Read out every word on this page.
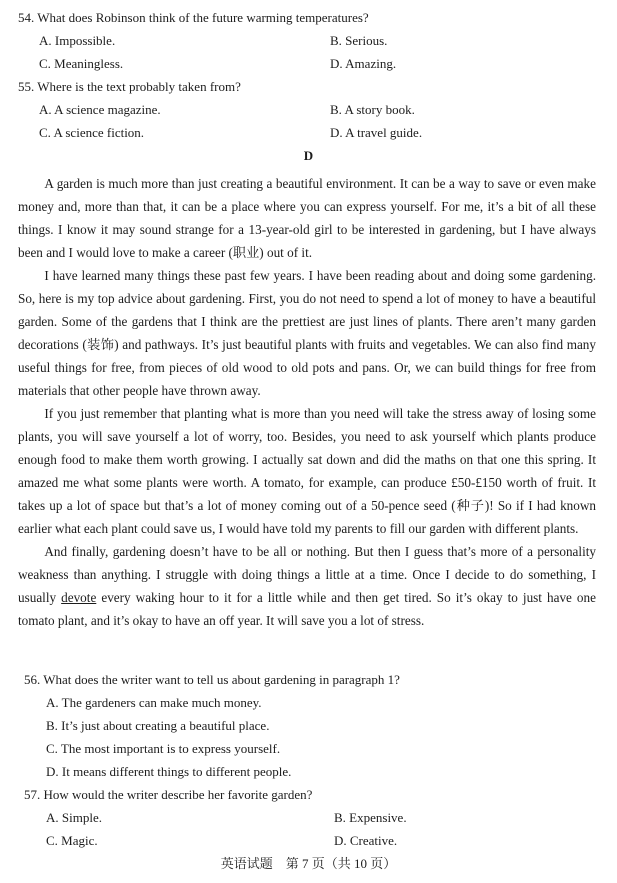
54. What does Robinson think of the future warming temperatures?
A. Impossible.	B. Serious.
C. Meaningless.	D. Amazing.
55. Where is the text probably taken from?
A. A science magazine.	B. A story book.
C. A science fiction.	D. A travel guide.
D

A garden is much more than just creating a beautiful environment. It can be a way to save or even make money and, more than that, it can be a place where you can express yourself. For me, it’s a bit of all these things. I know it may sound strange for a 13-year-old girl to be interested in gardening, but I have always been and I would love to make a career (职业) out of it.

I have learned many things these past few years. I have been reading about and doing some gardening. So, here is my top advice about gardening. First, you do not need to spend a lot of money to have a beautiful garden. Some of the gardens that I think are the prettiest are just lines of plants. There aren’t many garden decorations (装饰) and pathways. It’s just beautiful plants with fruits and vegetables. We can also find many useful things for free, from pieces of old wood to old pots and pans. Or, we can build things for free from materials that other people have thrown away.

If you just remember that planting what is more than you need will take the stress away of losing some plants, you will save yourself a lot of worry, too. Besides, you need to ask yourself which plants produce enough food to make them worth growing. I actually sat down and did the maths on that one this spring. It amazed me what some plants were worth. A tomato, for example, can produce £50-£150 worth of fruit. It takes up a lot of space but that’s a lot of money coming out of a 50-pence seed (种子)! So if I had known earlier what each plant could save us, I would have told my parents to fill our garden with different plants.

And finally, gardening doesn’t have to be all or nothing. But then I guess that’s more of a personality weakness than anything. I struggle with doing things a little at a time. Once I decide to do something, I usually devote every waking hour to it for a little while and then get tired. So it’s okay to just have one tomato plant, and it’s okay to have an off year. It will save you a lot of stress.

56. What does the writer want to tell us about gardening in paragraph 1?
A. The gardeners can make much money.
B. It’s just about creating a beautiful place.
C. The most important is to express yourself.
D. It means different things to different people.
57. How would the writer describe her favorite garden?
A. Simple.	B. Expensive.
C. Magic.	D. Creative.
英语试题　第 7 页（共 10 页）
